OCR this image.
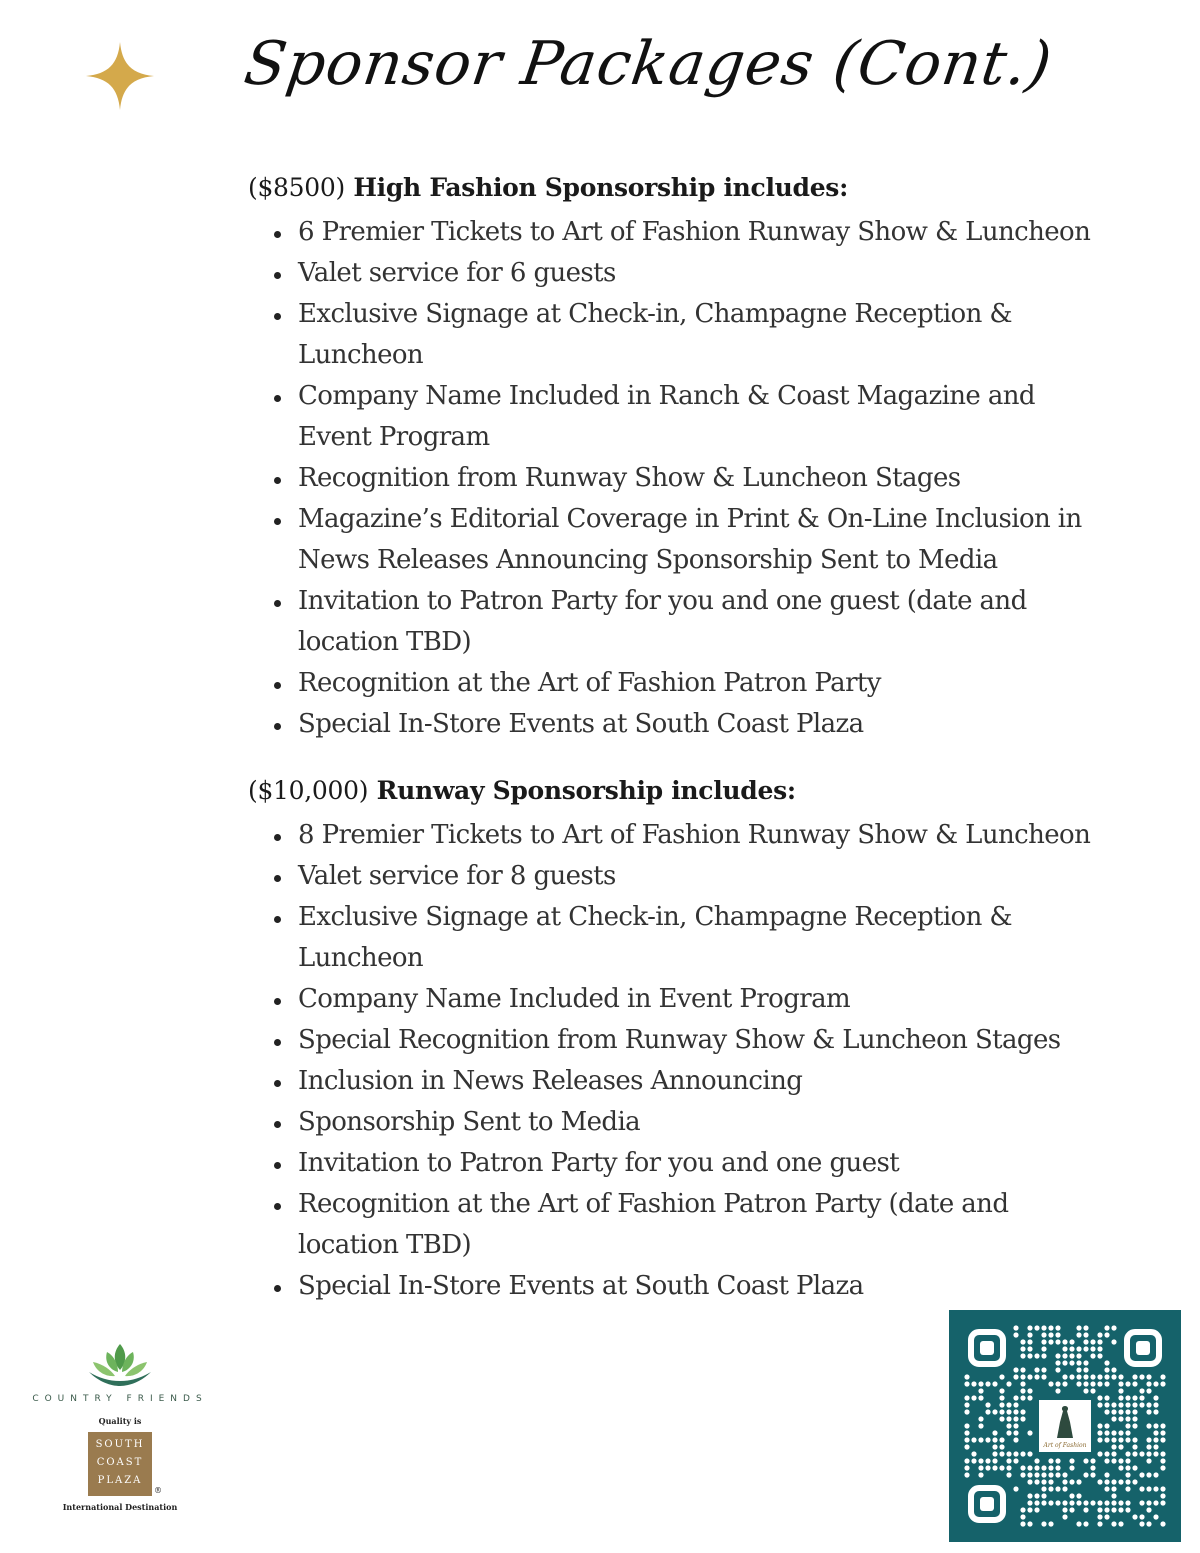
Sponsor Packages (Cont.)
($8500) High Fashion Sponsorship includes:
6 Premier Tickets to Art of Fashion Runway Show & Luncheon
Valet service for 6 guests
Exclusive Signage at Check-in, Champagne Reception & Luncheon
Company Name Included in Ranch & Coast Magazine and Event Program
Recognition from Runway Show & Luncheon Stages
Magazine’s Editorial Coverage in Print & On-Line Inclusion in News Releases Announcing Sponsorship Sent to Media
Invitation to Patron Party for you and one guest (date and location TBD)
Recognition at the Art of Fashion Patron Party
Special In-Store Events at South Coast Plaza
($10,000) Runway Sponsorship includes:
8 Premier Tickets to Art of Fashion Runway Show & Luncheon
Valet service for 8 guests
Exclusive Signage at Check-in, Champagne Reception & Luncheon
Company Name Included in Event Program
Special Recognition from Runway Show & Luncheon Stages
Inclusion in News Releases Announcing
Sponsorship Sent to Media
Invitation to Patron Party for you and one guest
Recognition at the Art of Fashion Patron Party (date and location TBD)
Special In-Store Events at South Coast Plaza
COUNTRY FRIENDS
Quality is
SOUTH
COAST
PLAZA
®
International Destination
Art of Fashion
